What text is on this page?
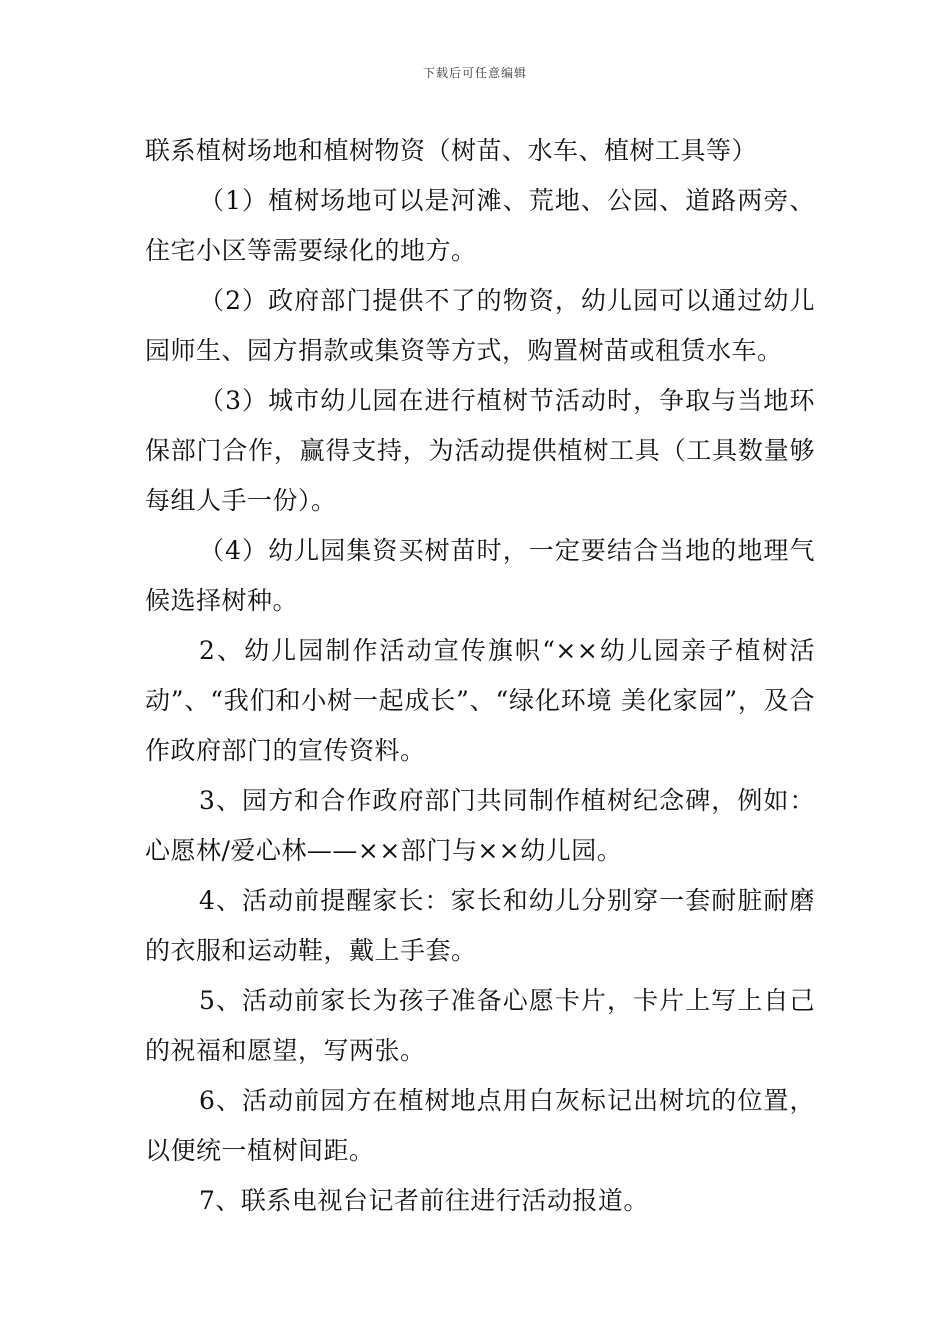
下载后可任意编辑

联系植树场地和植树物资（树苗、水车、植树工具等）

（1）植树场地可以是河滩、荒地、公园、道路两旁、住宅小区等需要绿化的地方。

（2）政府部门提供不了的物资，幼儿园可以通过幼儿园师生、园方捐款或集资等方式，购置树苗或租赁水车。

（3）城市幼儿园在进行植树节活动时，争取与当地环保部门合作，赢得支持，为活动提供植树工具（工具数量够每组人手一份）。

（4）幼儿园集资买树苗时，一定要结合当地的地理气候选择树种。

2、幼儿园制作活动宣传旗帜“××幼儿园亲子植树活动”、“我们和小树一起成长”、“绿化环境 美化家园”，及合作政府部门的宣传资料。

3、园方和合作政府部门共同制作植树纪念碑，例如：心愿林/爱心林——××部门与××幼儿园。

4、活动前提醒家长：家长和幼儿分别穿一套耐脏耐磨的衣服和运动鞋，戴上手套。

5、活动前家长为孩子准备心愿卡片，卡片上写上自己的祝福和愿望，写两张。

6、活动前园方在植树地点用白灰标记出树坑的位置，以便统一植树间距。

7、联系电视台记者前往进行活动报道。
